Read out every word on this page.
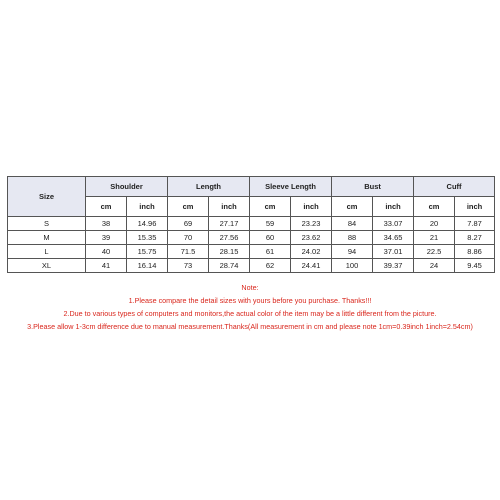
Size	Shoulder		Length		Sleeve Length		Bust		Cuff	
	cm	inch	cm	inch	cm	inch	cm	inch	cm	inch
S	38	14.96	69	27.17	59	23.23	84	33.07	20	7.87
M	39	15.35	70	27.56	60	23.62	88	34.65	21	8.27
L	40	15.75	71.5	28.15	61	24.02	94	37.01	22.5	8.86
XL	41	16.14	73	28.74	62	24.41	100	39.37	24	9.45
Note:
1.Please compare the detail sizes with yours before you purchase. Thanks!!!
2.Due to various types of computers and monitors,the actual color of the item may be a little different from the picture.
3.Please allow 1-3cm difference due to manual measurement.Thanks(All measurement in cm and please note 1cm=0.39inch 1inch=2.54cm)
